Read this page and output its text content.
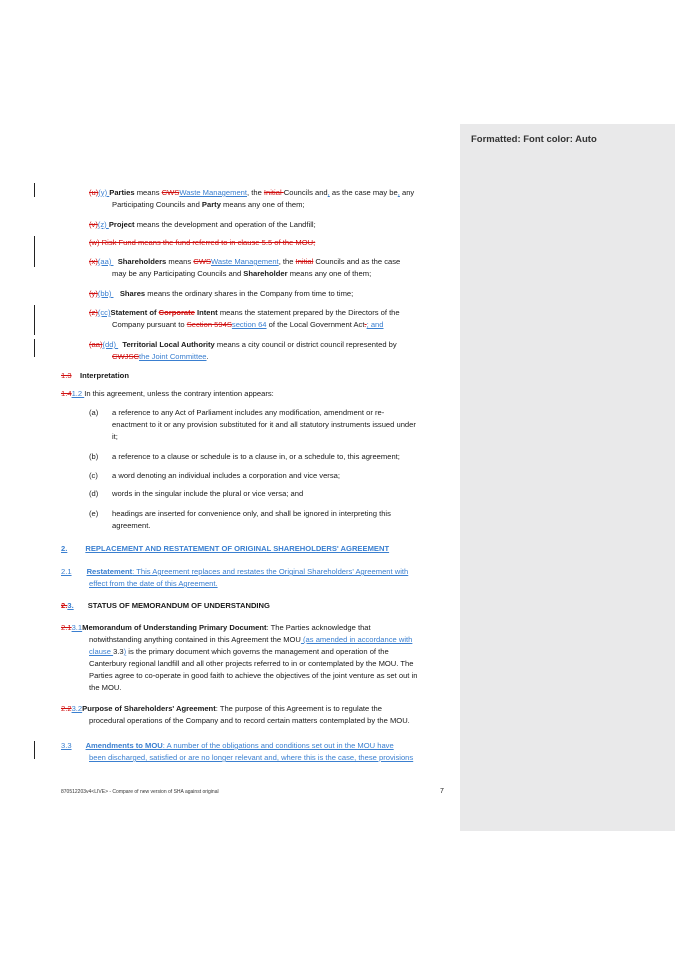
Formatted: Font color: Auto
(u)(y) Parties means CWSWaste Management, the Initial Councils and, as the case may be, any
Participating Councils and Party means any one of them;
(v)(z) Project means the development and operation of the Landfill;
(w) Risk Fund means the fund referred to in clause 5.5 of the MOU;
(x)(aa)   Shareholders means CWSWaste Management, the Initial Councils and as the case
may be any Participating Councils and Shareholder means any one of them;
(y)(bb)    Shares means the ordinary shares in the Company from time to time;
(z)(cc)Statement of Corporate Intent means the statement prepared by the Directors of the
Company pursuant to Section 594Ssection 64 of the Local Government Act.; and
(aa)(dd)   Territorial Local Authority means a city council or district council represented by
CWJSCthe Joint Committee.
1.3 Interpretation
1.41.2 In this agreement, unless the contrary intention appears:
(a) a reference to any Act of Parliament includes any modification, amendment or re-
enactment to it or any provision substituted for it and all statutory instruments issued under
it;
(b) a reference to a clause or schedule is to a clause in, or a schedule to, this agreement;
(c) a word denoting an individual includes a corporation and vice versa;
(d) words in the singular include the plural or vice versa; and
(e) headings are inserted for convenience only, and shall be ignored in interpreting this
agreement.
2. REPLACEMENT AND RESTATEMENT OF ORIGINAL SHAREHOLDERS' AGREEMENT
2.1 Restatement: This Agreement replaces and restates the Original Shareholders' Agreement with
effect from the date of this Agreement.
2.3. STATUS OF MEMORANDUM OF UNDERSTANDING
2.13.1Memorandum of Understanding Primary Document: The Parties acknowledge that
notwithstanding anything contained in this Agreement the MOU (as amended in accordance with
clause 3.3) is the primary document which governs the management and operation of the
Canterbury regional landfill and all other projects referred to in or contemplated by the MOU. The
Parties agree to co-operate in good faith to achieve the objectives of the joint venture as set out in
the MOU.
2.23.2Purpose of Shareholders' Agreement: The purpose of this Agreement is to regulate the
procedural operations of the Company and to record certain matters contemplated by the MOU.
3.3 Amendments to MOU: A number of the obligations and conditions set out in the MOU have
been discharged, satisfied or are no longer relevant and, where this is the case, these provisions
870512203v4<LIVE> - Compare of new version of SHA against original	7
